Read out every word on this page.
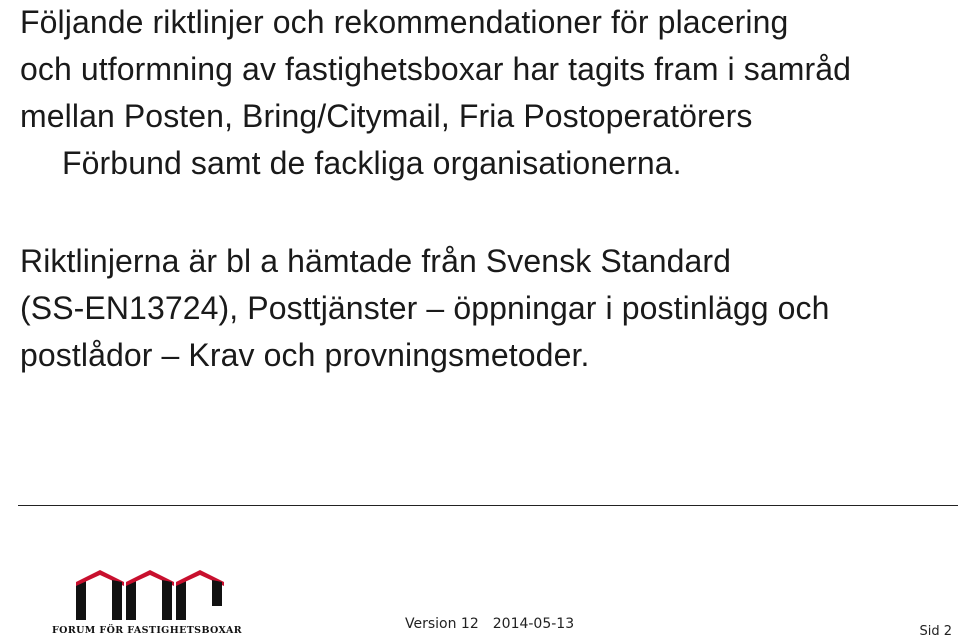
Följande riktlinjer och rekommendationer för placering
och utformning av fastighetsboxar har tagits fram i samråd
mellan Posten, Bring/Citymail, Fria Postoperatörers
Förbund samt de fackliga organisationerna.

Riktlinjerna är bl a hämtade från Svensk Standard
(SS-EN13724), Posttjänster – öppningar i postinlägg och
postlådor – Krav och provningsmetoder.

FORUM FÖR FASTIGHETSBOXAR	Version 12 2014-05-13	Sid 2
